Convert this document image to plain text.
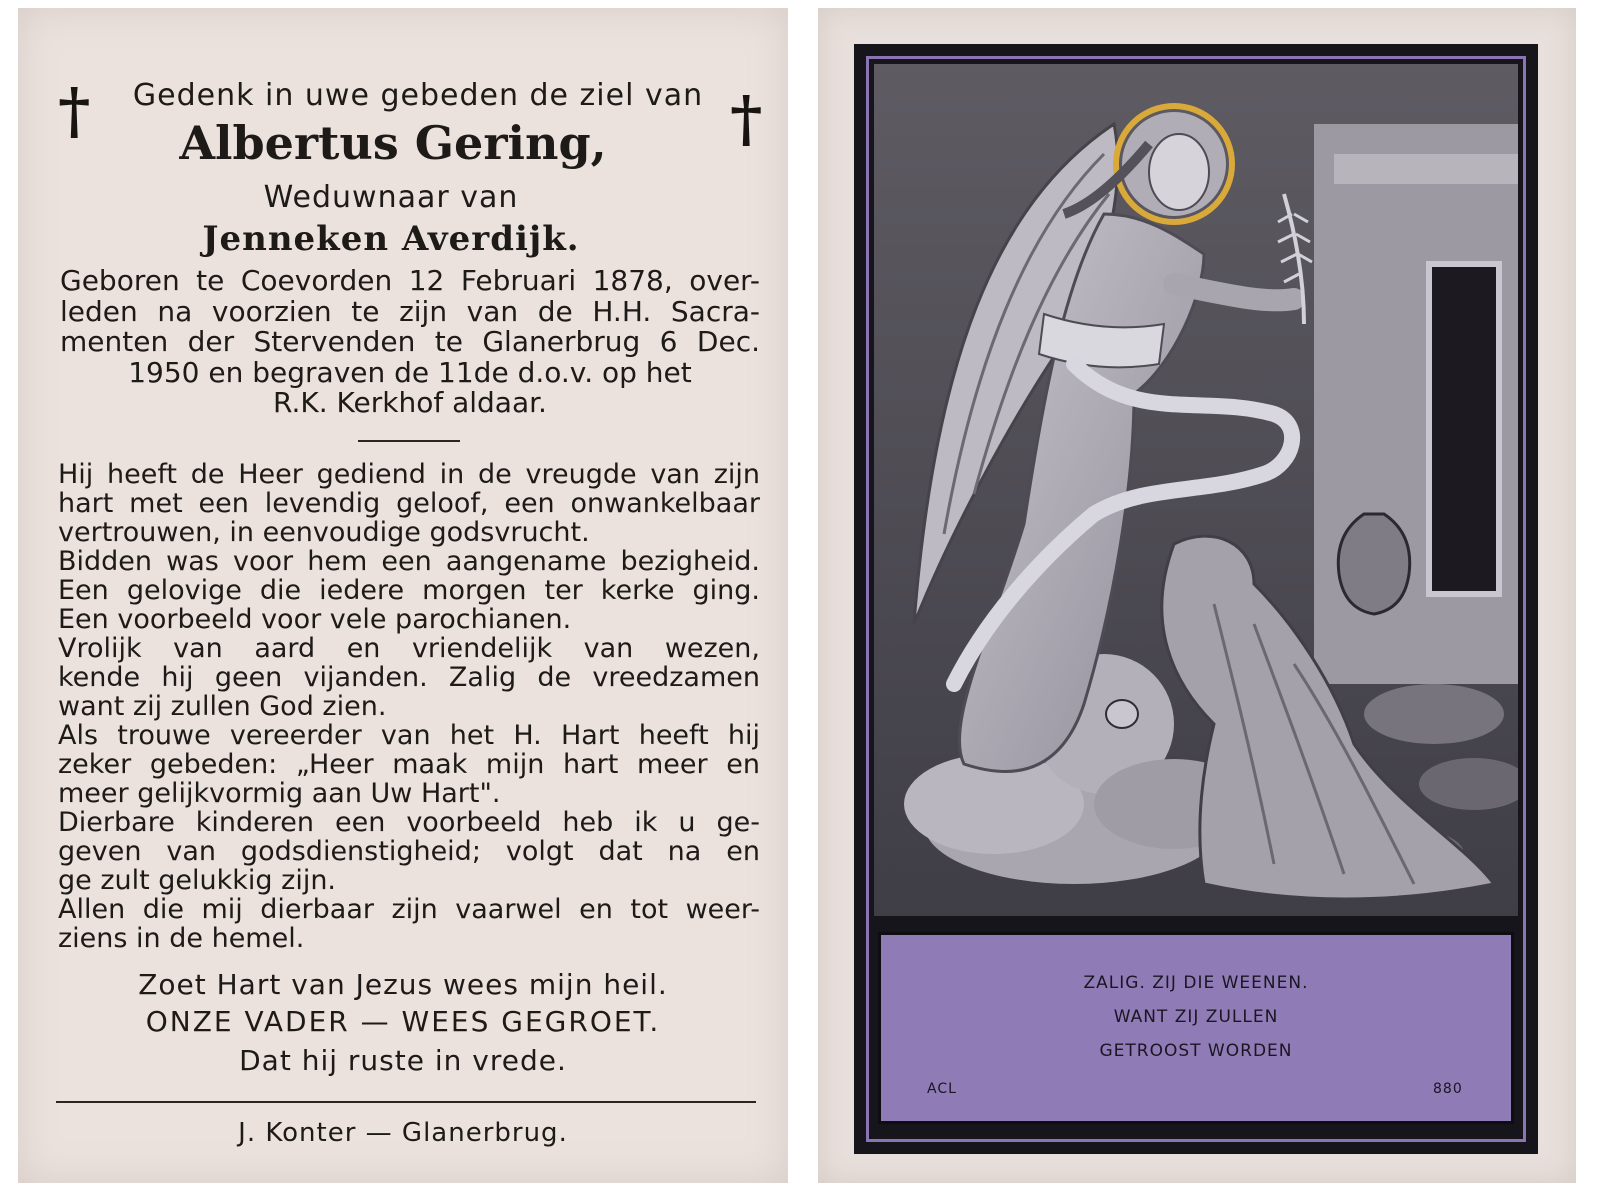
†	†
Gedenk in uwe gebeden de ziel van
Albertus Gering,
Weduwnaar van
Jenneken Averdijk.
Geboren te Coevorden 12 Februari 1878, over-
leden na voorzien te zijn van de H.H. Sacra-
menten der Stervenden te Glanerbrug 6 Dec.
1950 en begraven de 11de d.o.v. op het
R.K. Kerkhof aldaar.
Hij heeft de Heer gediend in de vreugde van zijn
hart met een levendig geloof, een onwankelbaar
vertrouwen, in eenvoudige godsvrucht.
Bidden was voor hem een aangename bezigheid.
Een gelovige die iedere morgen ter kerke ging.
Een voorbeeld voor vele parochianen.
Vrolijk van aard en vriendelijk van wezen,
kende hij geen vijanden. Zalig de vreedzamen
want zij zullen God zien.
Als trouwe vereerder van het H. Hart heeft hij
zeker gebeden: „Heer maak mijn hart meer en
meer gelijkvormig aan Uw Hart".
Dierbare kinderen een voorbeeld heb ik u ge-
geven van godsdienstigheid; volgt dat na en
ge zult gelukkig zijn.
Allen die mij dierbaar zijn vaarwel en tot weer-
ziens in de hemel.
Zoet Hart van Jezus wees mijn heil.
ONZE VADER — WEES GEGROET.
Dat hij ruste in vrede.
J. Konter — Glanerbrug.
ZALIG. ZIJ DIE WEENEN.
WANT ZIJ ZULLEN
GETROOST WORDEN
ACL	880
